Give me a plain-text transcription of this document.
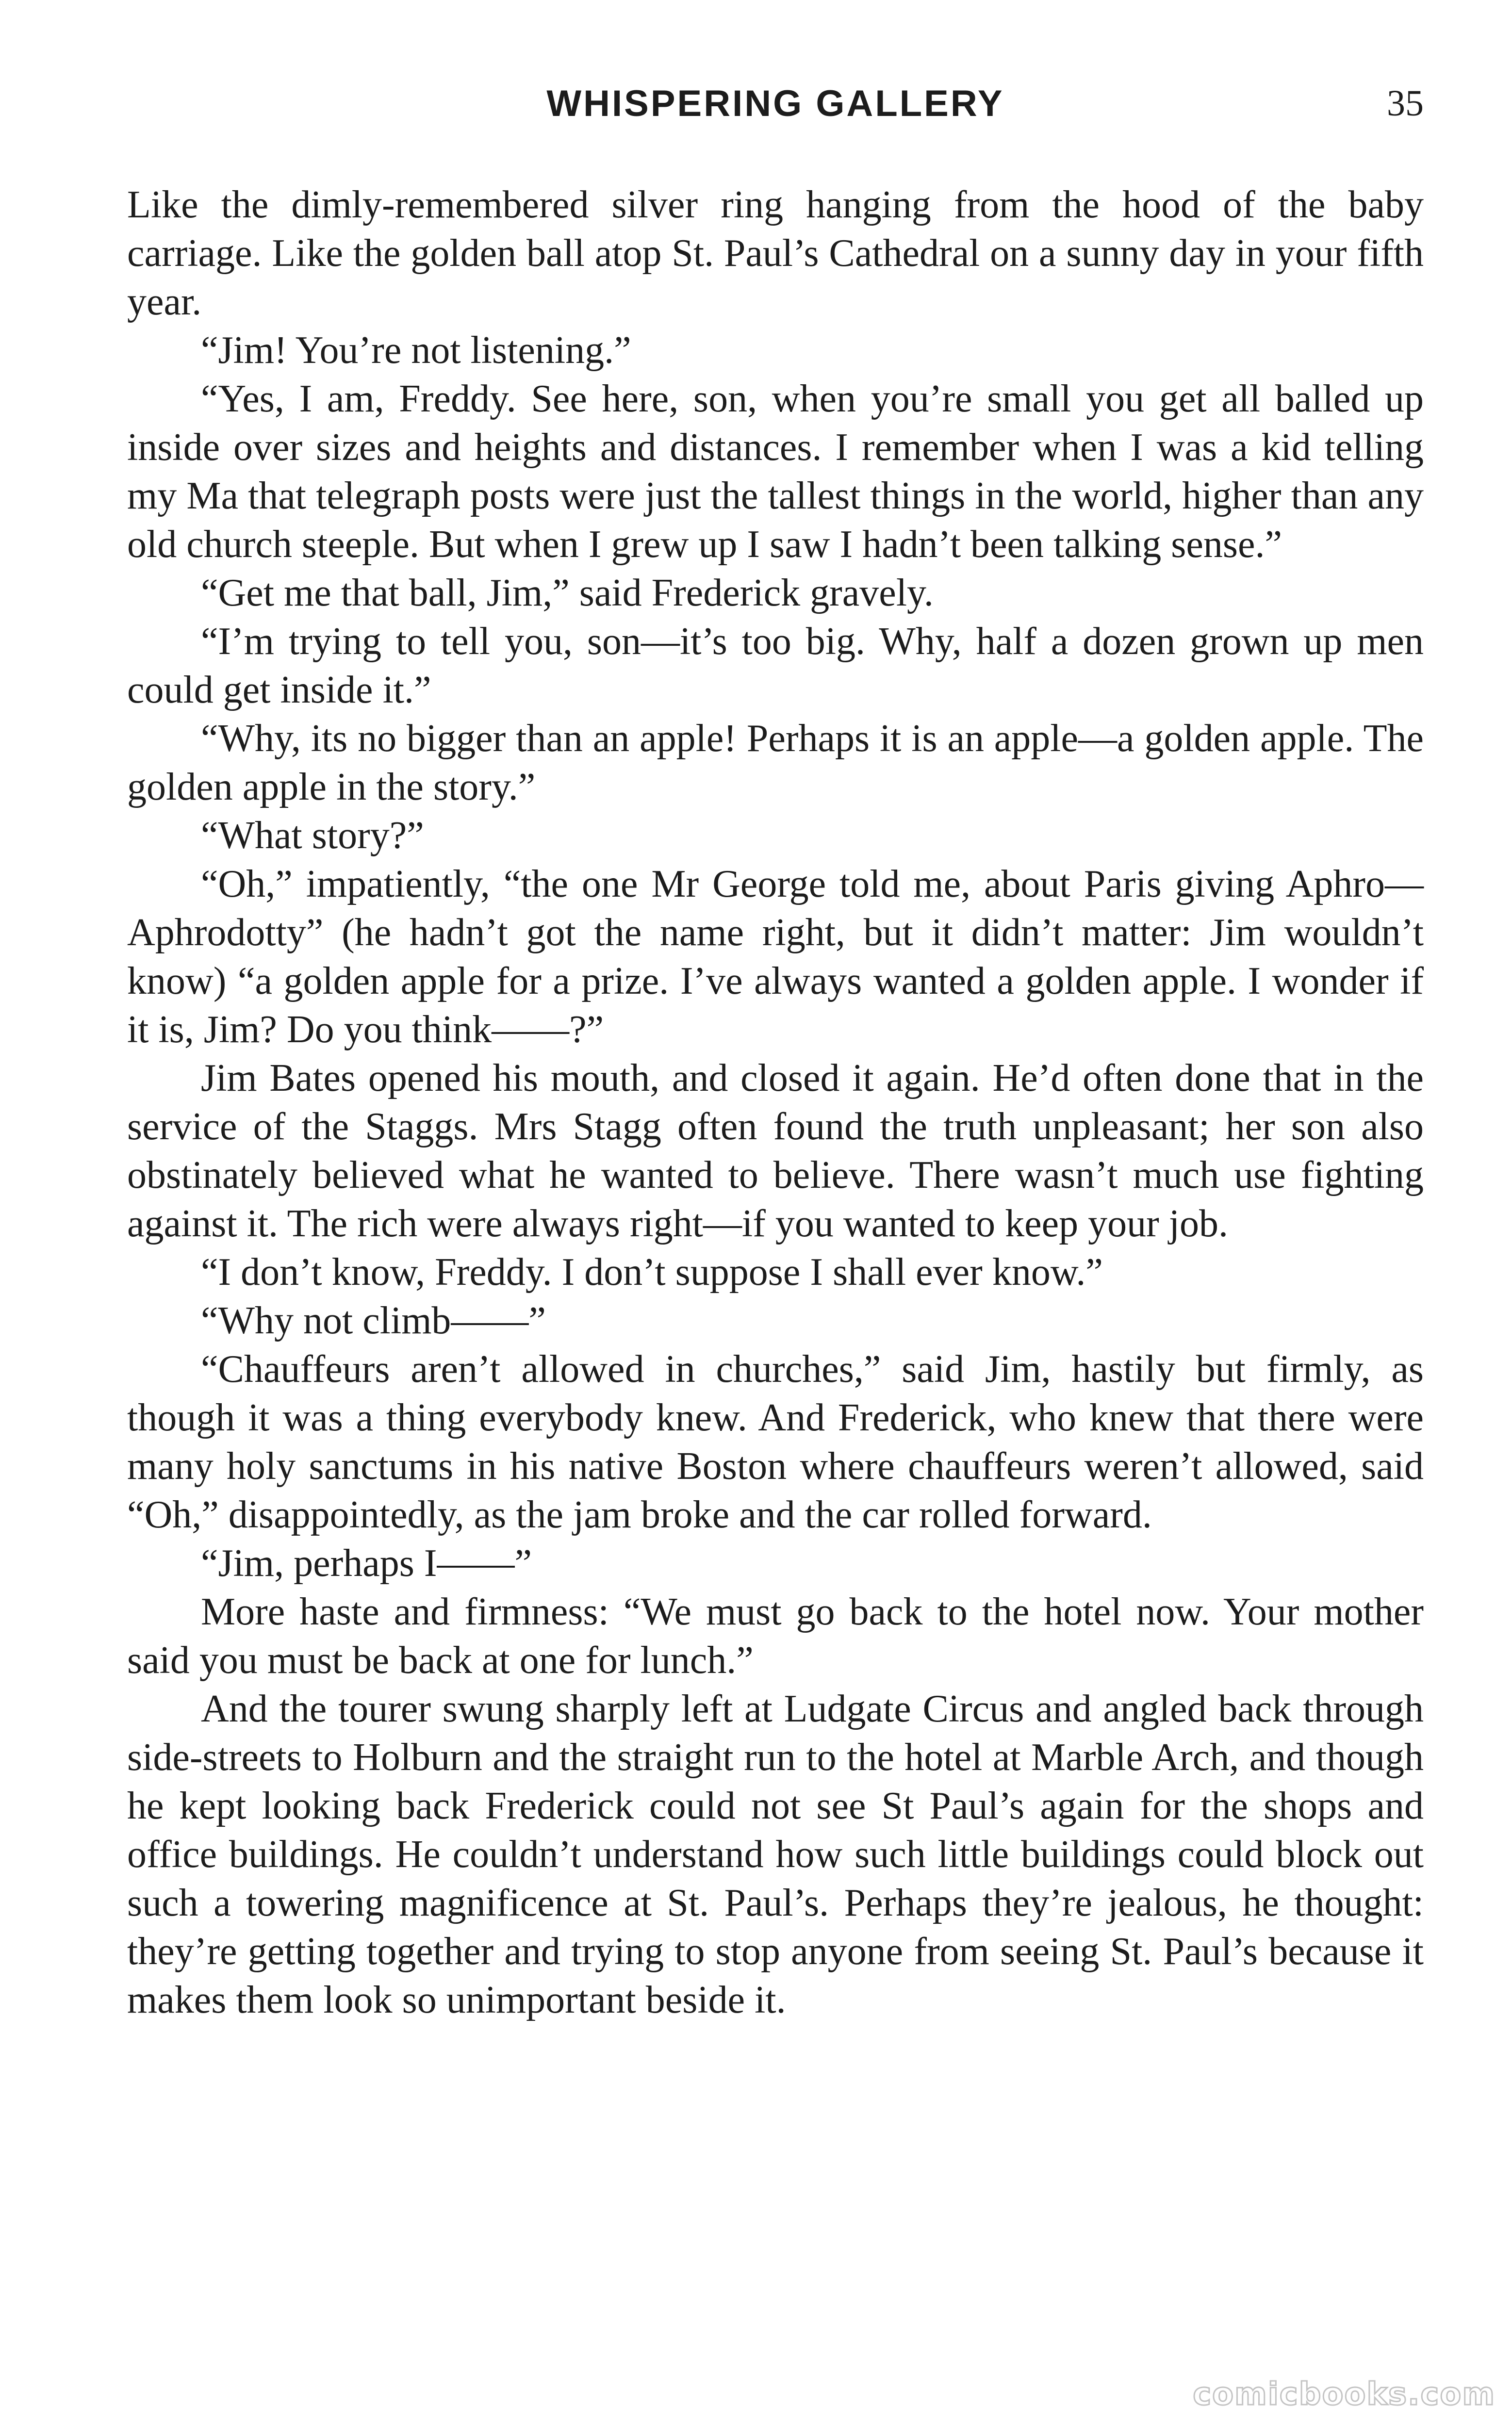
WHISPERING GALLERY	35

Like the dimly-remembered silver ring hanging from the hood of the baby carriage. Like the golden ball atop St. Paul’s Cathedral on a sunny day in your fifth year.

“Jim! You’re not listening.”

“Yes, I am, Freddy. See here, son, when you’re small you get all balled up inside over sizes and heights and distances. I remember when I was a kid telling my Ma that telegraph posts were just the tallest things in the world, higher than any old church steeple. But when I grew up I saw I hadn’t been talking sense.”

“Get me that ball, Jim,” said Frederick gravely.

“I’m trying to tell you, son—it’s too big. Why, half a dozen grown up men could get inside it.”

“Why, its no bigger than an apple! Perhaps it is an apple—a golden apple. The golden apple in the story.”

“What story?”

“Oh,” impatiently, “the one Mr George told me, about Paris giving Aphro—Aphrodotty” (he hadn’t got the name right, but it didn’t matter: Jim wouldn’t know) “a golden apple for a prize. I’ve always wanted a golden apple. I wonder if it is, Jim? Do you think——?”

Jim Bates opened his mouth, and closed it again. He’d often done that in the service of the Staggs. Mrs Stagg often found the truth unpleasant; her son also obstinately believed what he wanted to believe. There wasn’t much use fighting against it. The rich were always right—if you wanted to keep your job.

“I don’t know, Freddy. I don’t suppose I shall ever know.”

“Why not climb——”

“Chauffeurs aren’t allowed in churches,” said Jim, hastily but firmly, as though it was a thing everybody knew. And Frederick, who knew that there were many holy sanctums in his native Boston where chauffeurs weren’t allowed, said “Oh,” disappointedly, as the jam broke and the car rolled forward.

“Jim, perhaps I——”

More haste and firmness: “We must go back to the hotel now. Your mother said you must be back at one for lunch.”

And the tourer swung sharply left at Ludgate Circus and angled back through side-streets to Holburn and the straight run to the hotel at Marble Arch, and though he kept looking back Frederick could not see St Paul’s again for the shops and office buildings. He couldn’t understand how such little buildings could block out such a towering magnificence at St. Paul’s. Perhaps they’re jealous, he thought: they’re getting together and trying to stop anyone from seeing St. Paul’s because it makes them look so unimportant beside it.

comicbooks.com
